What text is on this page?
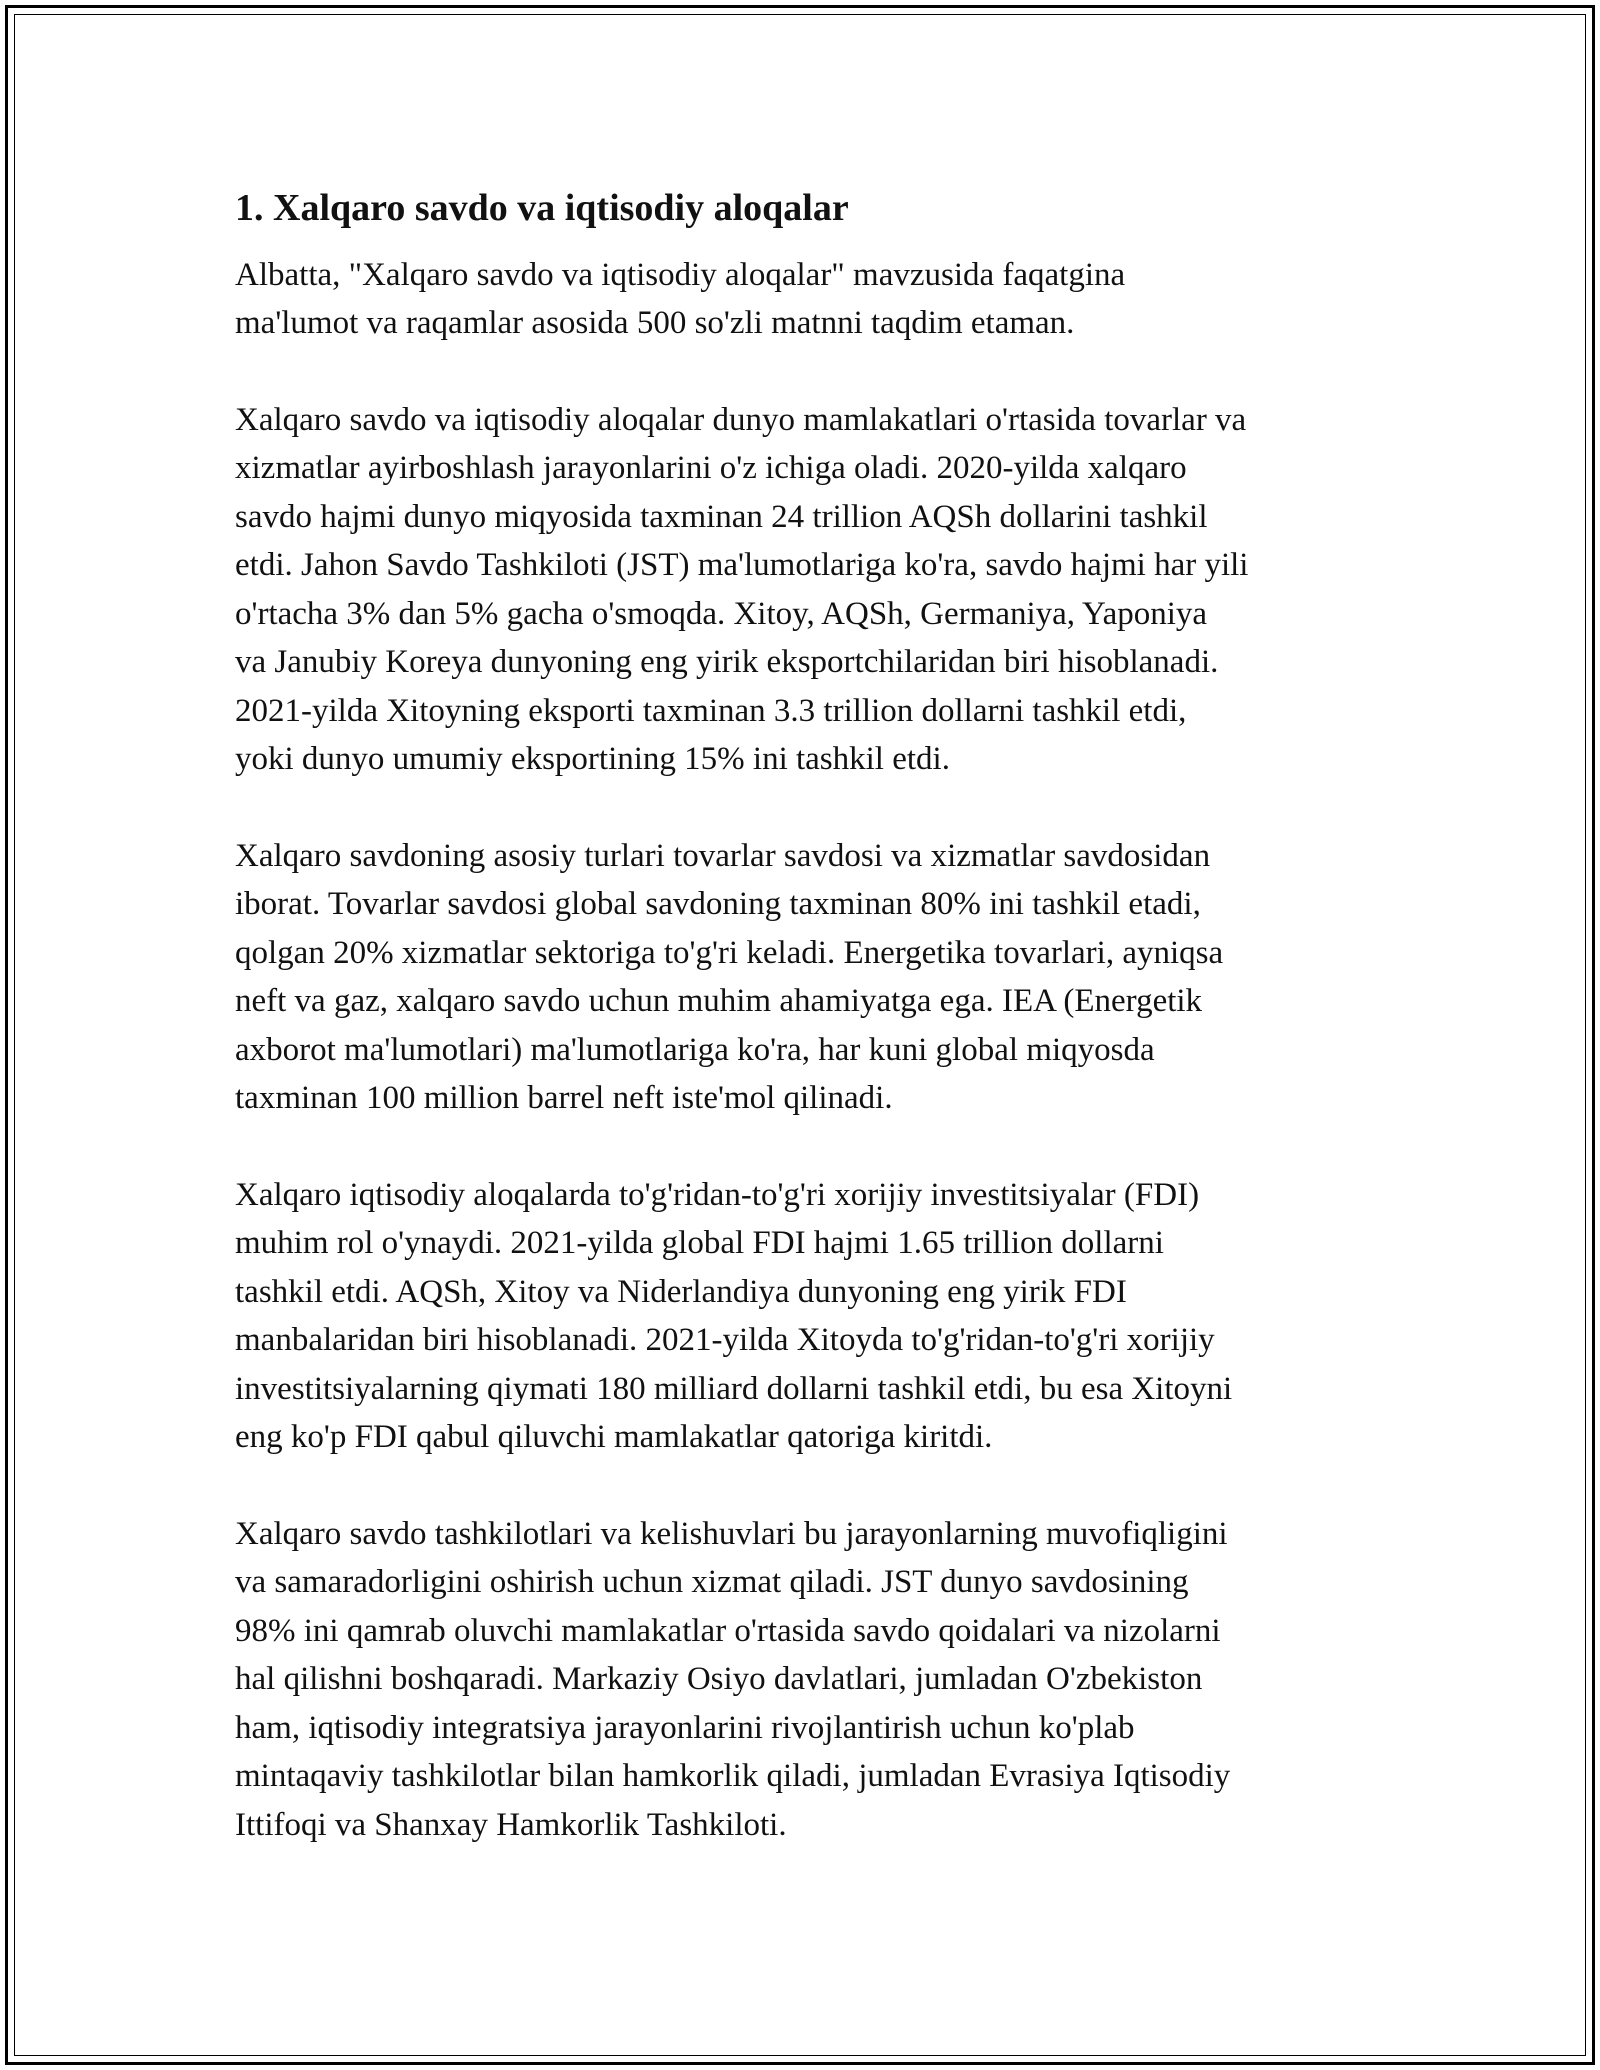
1. Xalqaro savdo va iqtisodiy aloqalar

Albatta, "Xalqaro savdo va iqtisodiy aloqalar" mavzusida faqatgina
ma'lumot va raqamlar asosida 500 so'zli matnni taqdim etaman.

Xalqaro savdo va iqtisodiy aloqalar dunyo mamlakatlari o'rtasida tovarlar va
xizmatlar ayirboshlash jarayonlarini o'z ichiga oladi. 2020-yilda xalqaro
savdo hajmi dunyo miqyosida taxminan 24 trillion AQSh dollarini tashkil
etdi. Jahon Savdo Tashkiloti (JST) ma'lumotlariga ko'ra, savdo hajmi har yili
o'rtacha 3% dan 5% gacha o'smoqda. Xitoy, AQSh, Germaniya, Yaponiya
va Janubiy Koreya dunyoning eng yirik eksportchilaridan biri hisoblanadi.
2021-yilda Xitoyning eksporti taxminan 3.3 trillion dollarni tashkil etdi,
yoki dunyo umumiy eksportining 15% ini tashkil etdi.

Xalqaro savdoning asosiy turlari tovarlar savdosi va xizmatlar savdosidan
iborat. Tovarlar savdosi global savdoning taxminan 80% ini tashkil etadi,
qolgan 20% xizmatlar sektoriga to'g'ri keladi. Energetika tovarlari, ayniqsa
neft va gaz, xalqaro savdo uchun muhim ahamiyatga ega. IEA (Energetik
axborot ma'lumotlari) ma'lumotlariga ko'ra, har kuni global miqyosda
taxminan 100 million barrel neft iste'mol qilinadi.

Xalqaro iqtisodiy aloqalarda to'g'ridan-to'g'ri xorijiy investitsiyalar (FDI)
muhim rol o'ynaydi. 2021-yilda global FDI hajmi 1.65 trillion dollarni
tashkil etdi. AQSh, Xitoy va Niderlandiya dunyoning eng yirik FDI
manbalaridan biri hisoblanadi. 2021-yilda Xitoyda to'g'ridan-to'g'ri xorijiy
investitsiyalarning qiymati 180 milliard dollarni tashkil etdi, bu esa Xitoyni
eng ko'p FDI qabul qiluvchi mamlakatlar qatoriga kiritdi.

Xalqaro savdo tashkilotlari va kelishuvlari bu jarayonlarning muvofiqligini
va samaradorligini oshirish uchun xizmat qiladi. JST dunyo savdosining
98% ini qamrab oluvchi mamlakatlar o'rtasida savdo qoidalari va nizolarni
hal qilishni boshqaradi. Markaziy Osiyo davlatlari, jumladan O'zbekiston
ham, iqtisodiy integratsiya jarayonlarini rivojlantirish uchun ko'plab
mintaqaviy tashkilotlar bilan hamkorlik qiladi, jumladan Evrasiya Iqtisodiy
Ittifoqi va Shanxay Hamkorlik Tashkiloti.
